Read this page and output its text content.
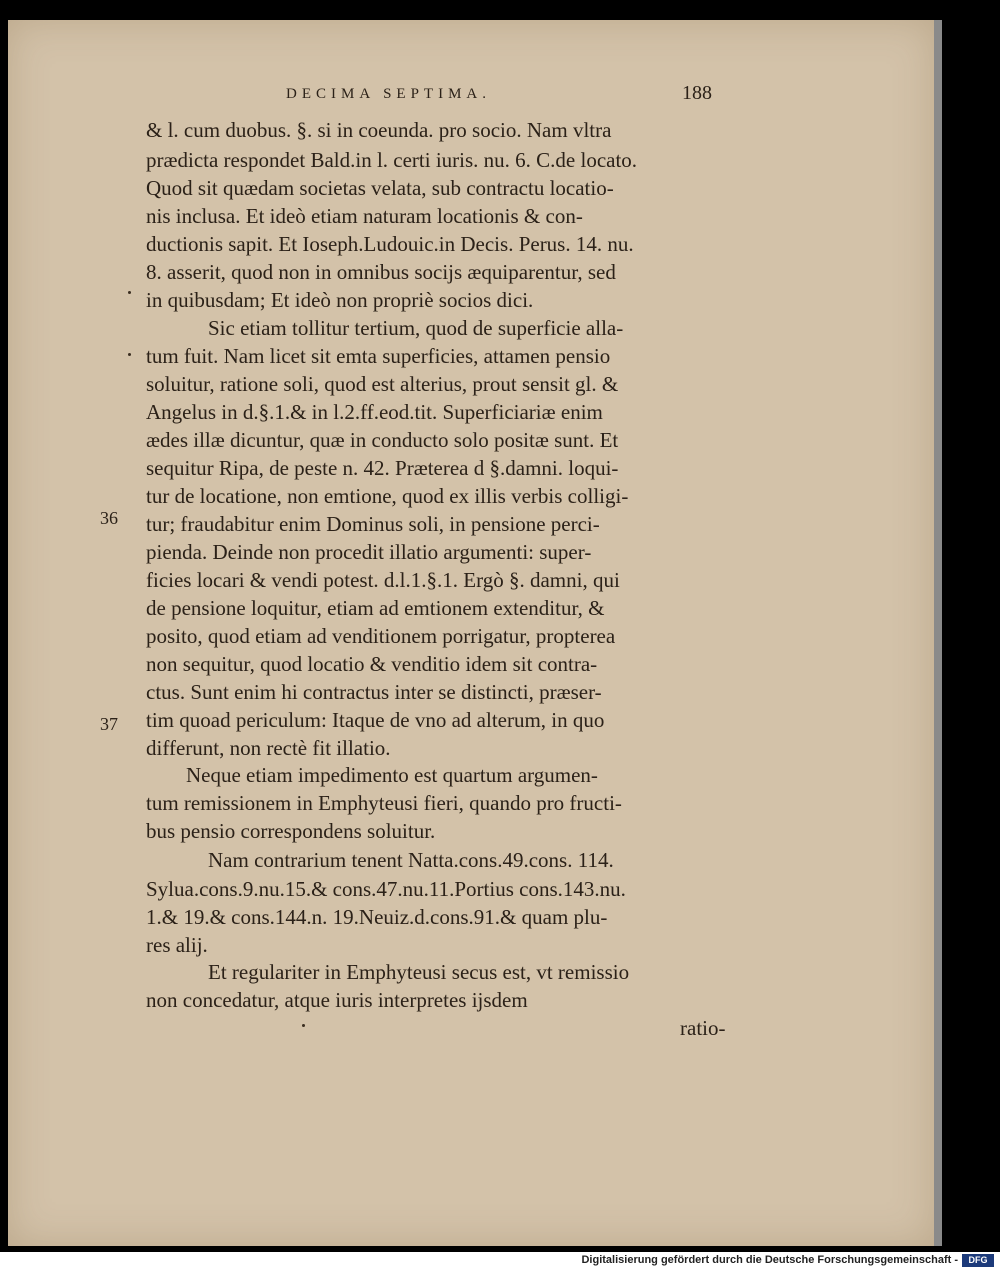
DECIMA SEPTIMA.	188
& l. cum duobus. §. si in coeunda. pro socio. Nam vltra
prædicta respondet Bald.in l. certi iuris. nu. 6. C.de locato.
Quod sit quædam societas velata, sub contractu locatio-
nis inclusa. Et ideò etiam naturam locationis & con-
ductionis sapit. Et Ioseph.Ludouic.in Decis. Perus. 14. nu.
8. asserit, quod non in omnibus socijs æquiparentur, sed
in quibusdam; Et ideò non propriè socios dici.
Sic etiam tollitur tertium, quod de superficie alla-
tum fuit. Nam licet sit emta superficies, attamen pensio
soluitur, ratione soli, quod est alterius, prout sensit gl. &
Angelus in d.§.1.& in l.2.ff.eod.tit. Superficiariæ enim
ædes illæ dicuntur, quæ in conducto solo positæ sunt. Et
sequitur Ripa, de peste n. 42. Præterea d §.damni. loqui-
tur de locatione, non emtione, quod ex illis verbis colligi-
tur; fraudabitur enim Dominus soli, in pensione perci-
pienda. Deinde non procedit illatio argumenti: super-
ficies locari & vendi potest. d.l.1.§.1. Ergò §. damni, qui
de pensione loquitur, etiam ad emtionem extenditur, &
posito, quod etiam ad venditionem porrigatur, propterea
non sequitur, quod locatio & venditio idem sit contra-
ctus. Sunt enim hi contractus inter se distincti, præser-
tim quoad periculum: Itaque de vno ad alterum, in quo
differunt, non rectè fit illatio.
Neque etiam impedimento est quartum argumen-
tum remissionem in Emphyteusi fieri, quando pro fructi-
bus pensio correspondens soluitur.
Nam contrarium tenent Natta.cons.49.cons. 114.
Sylua.cons.9.nu.15.& cons.47.nu.11.Portius cons.143.nu.
1.& 19.& cons.144.n. 19.Neuiz.d.cons.91.& quam plu-
res alij.
Et regulariter in Emphyteusi secus est, vt remissio
non concedatur, atque iuris interpretes ijsdem
ratio-
36
37
Digitalisierung gefördert durch die Deutsche Forschungsgemeinschaft -	DFG
